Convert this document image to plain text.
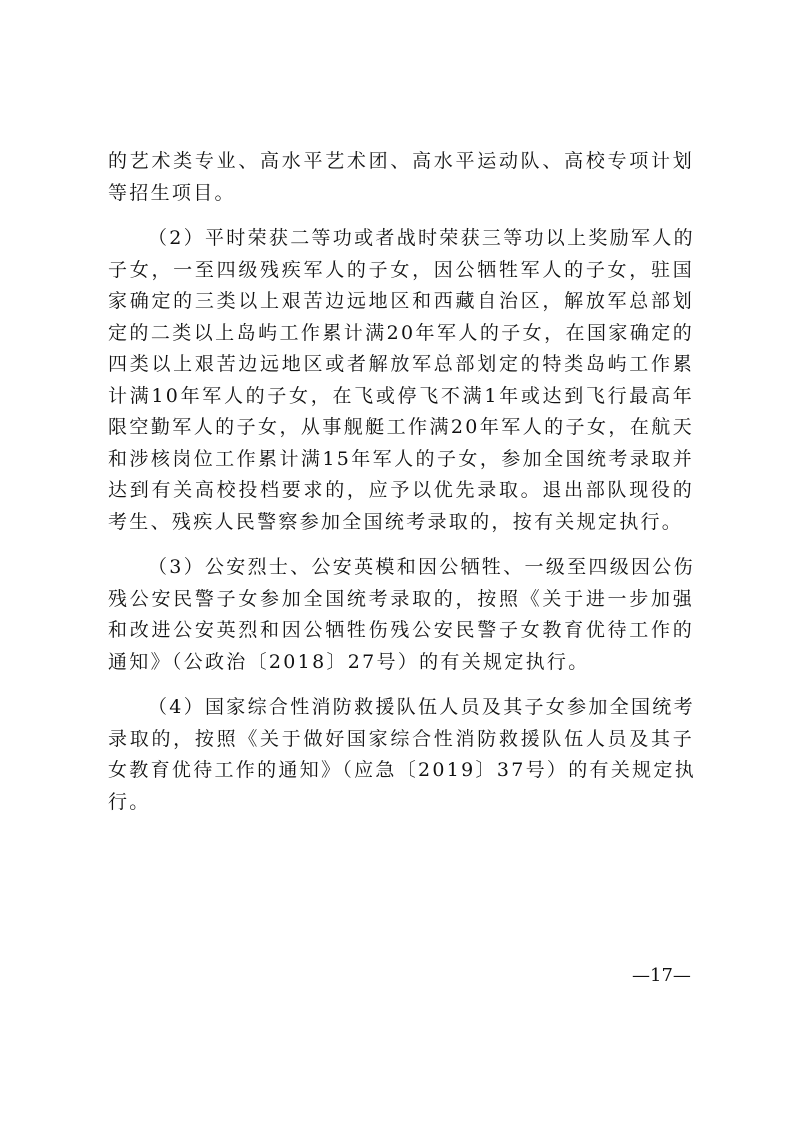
的艺术类专业、高水平艺术团、高水平运动队、高校专项计划
等招生项目。
（2）平时荣获二等功或者战时荣获三等功以上奖励军人的
子女，一至四级残疾军人的子女，因公牺牲军人的子女，驻国
家确定的三类以上艰苦边远地区和西藏自治区，解放军总部划
定的二类以上岛屿工作累计满20年军人的子女，在国家确定的
四类以上艰苦边远地区或者解放军总部划定的特类岛屿工作累
计满10年军人的子女，在飞或停飞不满1年或达到飞行最高年
限空勤军人的子女，从事舰艇工作满20年军人的子女，在航天
和涉核岗位工作累计满15年军人的子女，参加全国统考录取并
达到有关高校投档要求的，应予以优先录取。退出部队现役的
考生、残疾人民警察参加全国统考录取的，按有关规定执行。
（3）公安烈士、公安英模和因公牺牲、一级至四级因公伤
残公安民警子女参加全国统考录取的，按照《关于进一步加强
和改进公安英烈和因公牺牲伤残公安民警子女教育优待工作的
通知》（公政治〔2018〕27号）的有关规定执行。
（4）国家综合性消防救援队伍人员及其子女参加全国统考
录取的，按照《关于做好国家综合性消防救援队伍人员及其子
女教育优待工作的通知》（应急〔2019〕37号）的有关规定执
行。
—17—
